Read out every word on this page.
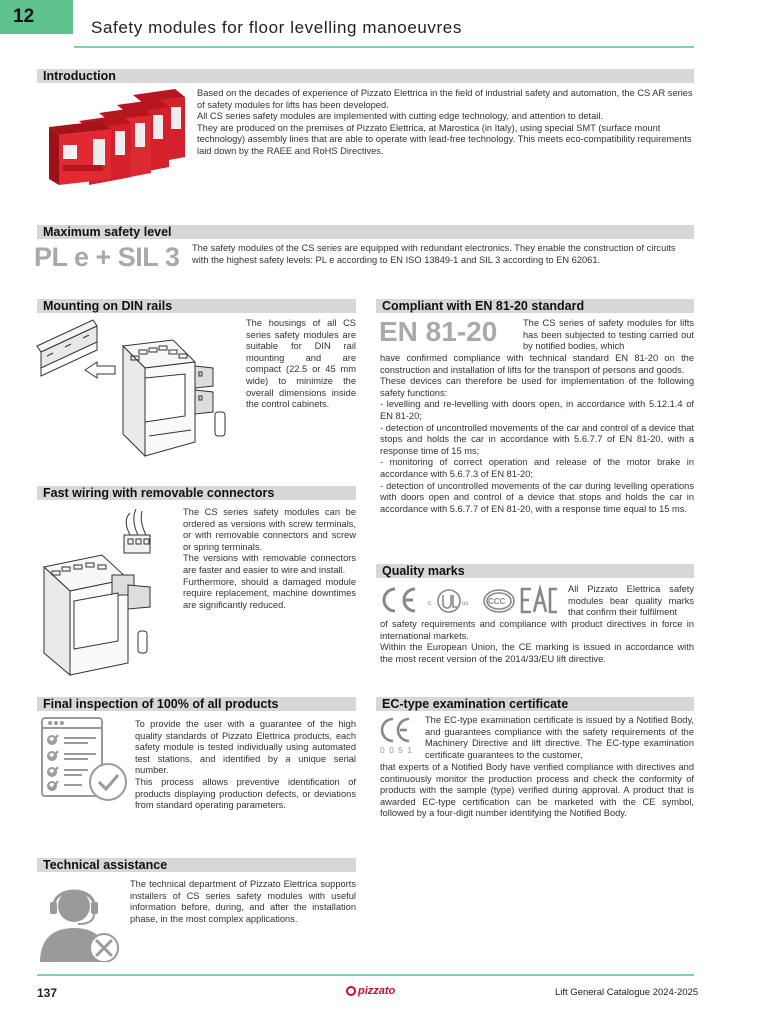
12
Safety modules for floor levelling manoeuvres
Introduction
Based on the decades of experience of Pizzato Elettrica in the field of industrial safety and automation, the CS AR series of safety modules for lifts has been developed.
All CS series safety modules are implemented with cutting edge technology, and attention to detail.
They are produced on the premises of Pizzato Elettrica, at Marostica (in Italy), using special SMT (surface mount technology) assembly lines that are able to operate with lead-free technology. This meets eco-compatibility requirements laid down by the RAEE and RoHS Directives.
Maximum safety level
PL e + SIL 3 The safety modules of the CS series are equipped with redundant electronics. They enable the construction of circuits with the highest safety levels: PL e according to EN ISO 13849-1 and SIL 3 according to EN 62061.
Mounting on DIN rails
The housings of all CS series safety modules are suitable for DIN rail mounting and are compact (22.5 or 45 mm wide) to minimize the overall dimensions inside the control cabinets.
Fast wiring with removable connectors
The CS series safety modules can be ordered as versions with screw terminals, or with removable connectors and screw or spring terminals.
The versions with removable connectors are faster and easier to wire and install.
Furthermore, should a damaged module require replacement, machine downtimes are significantly reduced.
Compliant with EN 81-20 standard
EN 81-20	The CS series of safety modules for lifts has been subjected to testing carried out by notified bodies, which
have confirmed compliance with technical standard EN 81-20 on the construction and installation of lifts for the transport of persons and goods.
These devices can therefore be used for implementation of the following safety functions:
- levelling and re-levelling with doors open, in accordance with 5.12.1.4 of EN 81-20;
- detection of uncontrolled movements of the car and control of a device that stops and holds the car in accordance with 5.6.7.7 of EN 81-20, with a response time of 15 ms;
- monitoring of correct operation and release of the motor brake in accordance with 5.6.7.3 of EN 81-20;
- detection of uncontrolled movements of the car during levelling operations with doors open and control of a device that stops and holds the car in accordance with 5.6.7.7 of EN 81-20, with a response time equal to 15 ms.
Quality marks
c	us CCC
All Pizzato Elettrica safety modules bear quality marks that confirm their fulfilment
of safety requirements and compliance with product directives in force in international markets.
Within the European Union, the CE marking is issued in accordance with the most recent version of the 2014/33/EU lift directive.
Final inspection of 100% of all products
To provide the user with a guarantee of the high quality standards of Pizzato Elettrica products, each safety module is tested individually using automated test stations, and identified by a unique serial number.
This process allows preventive identification of products displaying production defects, or deviations from standard operating parameters.
EC-type examination certificate
0 0 5 1
The EC-type examination certificate is issued by a Notified Body, and guarantees compliance with the safety requirements of the Machinery Directive and lift directive. The EC-type examination certificate guarantees to the customer,
that experts of a Notified Body have verified compliance with directives and continuously monitor the production process and check the conformity of products with the sample (type) verified during approval. A product that is awarded EC-type certification can be marketed with the CE symbol, followed by a four-digit number identifying the Notified Body.
Technical assistance
The technical department of Pizzato Elettrica supports installers of CS series safety modules with useful information before, during, and after the installation phase, in the most complex applications.
137	pizzato	Lift General Catalogue 2024-2025
